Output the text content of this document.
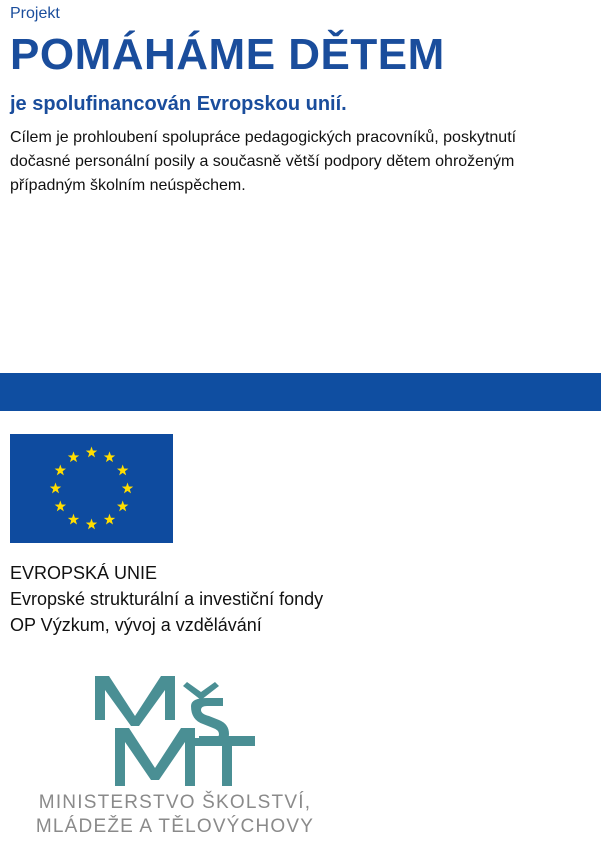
Projekt
POMÁHÁME DĚTEM
je spolufinancován Evropskou unií.
Cílem je prohloubení spolupráce pedagogických pracovníků, poskytnutí dočasné personální posily a současně větší podpory dětem ohroženým případným školním neúspěchem.
EVROPSKÁ UNIE
Evropské strukturální a investiční fondy
OP Výzkum, vývoj a vzdělávání
MINISTERSTVO ŠKOLSTVÍ,
MLÁDEŽE A TĚLOVÝCHOVY
